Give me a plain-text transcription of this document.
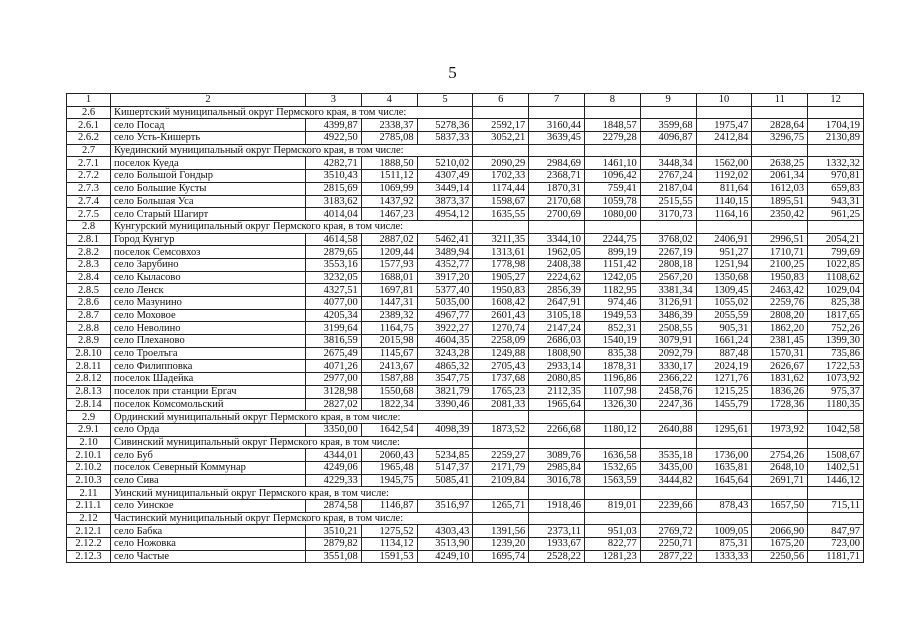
5
1	2	3	4	5	6	7	8	9	10	11	12
2.6	Кишертский муниципальный округ Пермского края, в том числе:										
2.6.1	село Посад	4399,87	2338,37	5278,36	2592,17	3160,44	1848,57	3599,68	1975,47	2828,64	1704,19
2.6.2	село Усть-Кишерть	4922,50	2785,08	5837,33	3052,21	3639,45	2279,28	4096,87	2412,84	3296,75	2130,89
2.7	Куединский муниципальный округ Пермского края, в том числе:										
2.7.1	поселок Куеда	4282,71	1888,50	5210,02	2090,29	2984,69	1461,10	3448,34	1562,00	2638,25	1332,32
2.7.2	село Большой Гондыр	3510,43	1511,12	4307,49	1702,33	2368,71	1096,42	2767,24	1192,02	2061,34	970,81
2.7.3	село Большие Кусты	2815,69	1069,99	3449,14	1174,44	1870,31	759,41	2187,04	811,64	1612,03	659,83
2.7.4	село Большая Уса	3183,62	1437,92	3873,37	1598,67	2170,68	1059,78	2515,55	1140,15	1895,51	943,31
2.7.5	село Старый Шагирт	4014,04	1467,23	4954,12	1635,55	2700,69	1080,00	3170,73	1164,16	2350,42	961,25
2.8	Кунгурский муниципальный округ Пермского края, в том числе:										
2.8.1	Город Кунгур	4614,58	2887,02	5462,41	3211,35	3344,10	2244,75	3768,02	2406,91	2996,51	2054,21
2.8.2	поселок Семсовхоз	2879,65	1209,44	3489,94	1313,61	1962,05	899,19	2267,19	951,27	1710,71	799,69
2.8.3	село Зарубино	3553,16	1577,93	4352,77	1778,98	2408,38	1151,42	2808,18	1251,94	2100,25	1022,85
2.8.4	село Кыласово	3232,05	1688,01	3917,20	1905,27	2224,62	1242,05	2567,20	1350,68	1950,83	1108,62
2.8.5	село Ленск	4327,51	1697,81	5377,40	1950,83	2856,39	1182,95	3381,34	1309,45	2463,42	1029,04
2.8.6	село Мазунино	4077,00	1447,31	5035,00	1608,42	2647,91	974,46	3126,91	1055,02	2259,76	825,38
2.8.7	село Моховое	4205,34	2389,32	4967,77	2601,43	3105,18	1949,53	3486,39	2055,59	2808,20	1817,65
2.8.8	село Неволино	3199,64	1164,75	3922,27	1270,74	2147,24	852,31	2508,55	905,31	1862,20	752,26
2.8.9	село Плехановo	3816,59	2015,98	4604,35	2258,09	2686,03	1540,19	3079,91	1661,24	2381,45	1399,30
2.8.10	село Троелъга	2675,49	1145,67	3243,28	1249,88	1808,90	835,38	2092,79	887,48	1570,31	735,86
2.8.11	село Филипповка	4071,26	2413,67	4865,32	2705,43	2933,14	1878,31	3330,17	2024,19	2626,67	1722,53
2.8.12	поселок Шадейка	2977,00	1587,88	3547,75	1737,68	2080,85	1196,86	2366,22	1271,76	1831,62	1073,92
2.8.13	поселок при станции Ергач	3128,98	1550,68	3821,79	1765,23	2112,35	1107,98	2458,76	1215,25	1836,26	975,37
2.8.14	поселок Комсомольский	2827,02	1822,34	3390,46	2081,33	1965,64	1326,30	2247,36	1455,79	1728,36	1180,35
2.9	Ординский муниципальный округ Пермского края, в том числе:										
2.9.1	село Орда	3350,00	1642,54	4098,39	1873,52	2266,68	1180,12	2640,88	1295,61	1973,92	1042,58
2.10	Сивинский муниципальный округ Пермского края, в том числе:										
2.10.1	село Буб	4344,01	2060,43	5234,85	2259,27	3089,76	1636,58	3535,18	1736,00	2754,26	1508,67
2.10.2	поселок Северный Коммунар	4249,06	1965,48	5147,37	2171,79	2985,84	1532,65	3435,00	1635,81	2648,10	1402,51
2.10.3	село Сива	4229,33	1945,75	5085,41	2109,84	3016,78	1563,59	3444,82	1645,64	2691,71	1446,12
2.11	Уинский муниципальный округ Пермского края, в том числе:										
2.11.1	село Уинское	2874,58	1146,87	3516,97	1265,71	1918,46	819,01	2239,66	878,43	1657,50	715,11
2.12	Частинский муниципальный округ Пермского края, в том числе:										
2.12.1	село Бабка	3510,21	1275,52	4303,43	1391,56	2373,11	951,03	2769,72	1009,05	2066,90	847,97
2.12.2	село Ножовка	2879,82	1134,12	3513,90	1239,20	1933,67	822,77	2250,71	875,31	1675,20	723,00
2.12.3	село Частые	3551,08	1591,53	4249,10	1695,74	2528,22	1281,23	2877,22	1333,33	2250,56	1181,71
